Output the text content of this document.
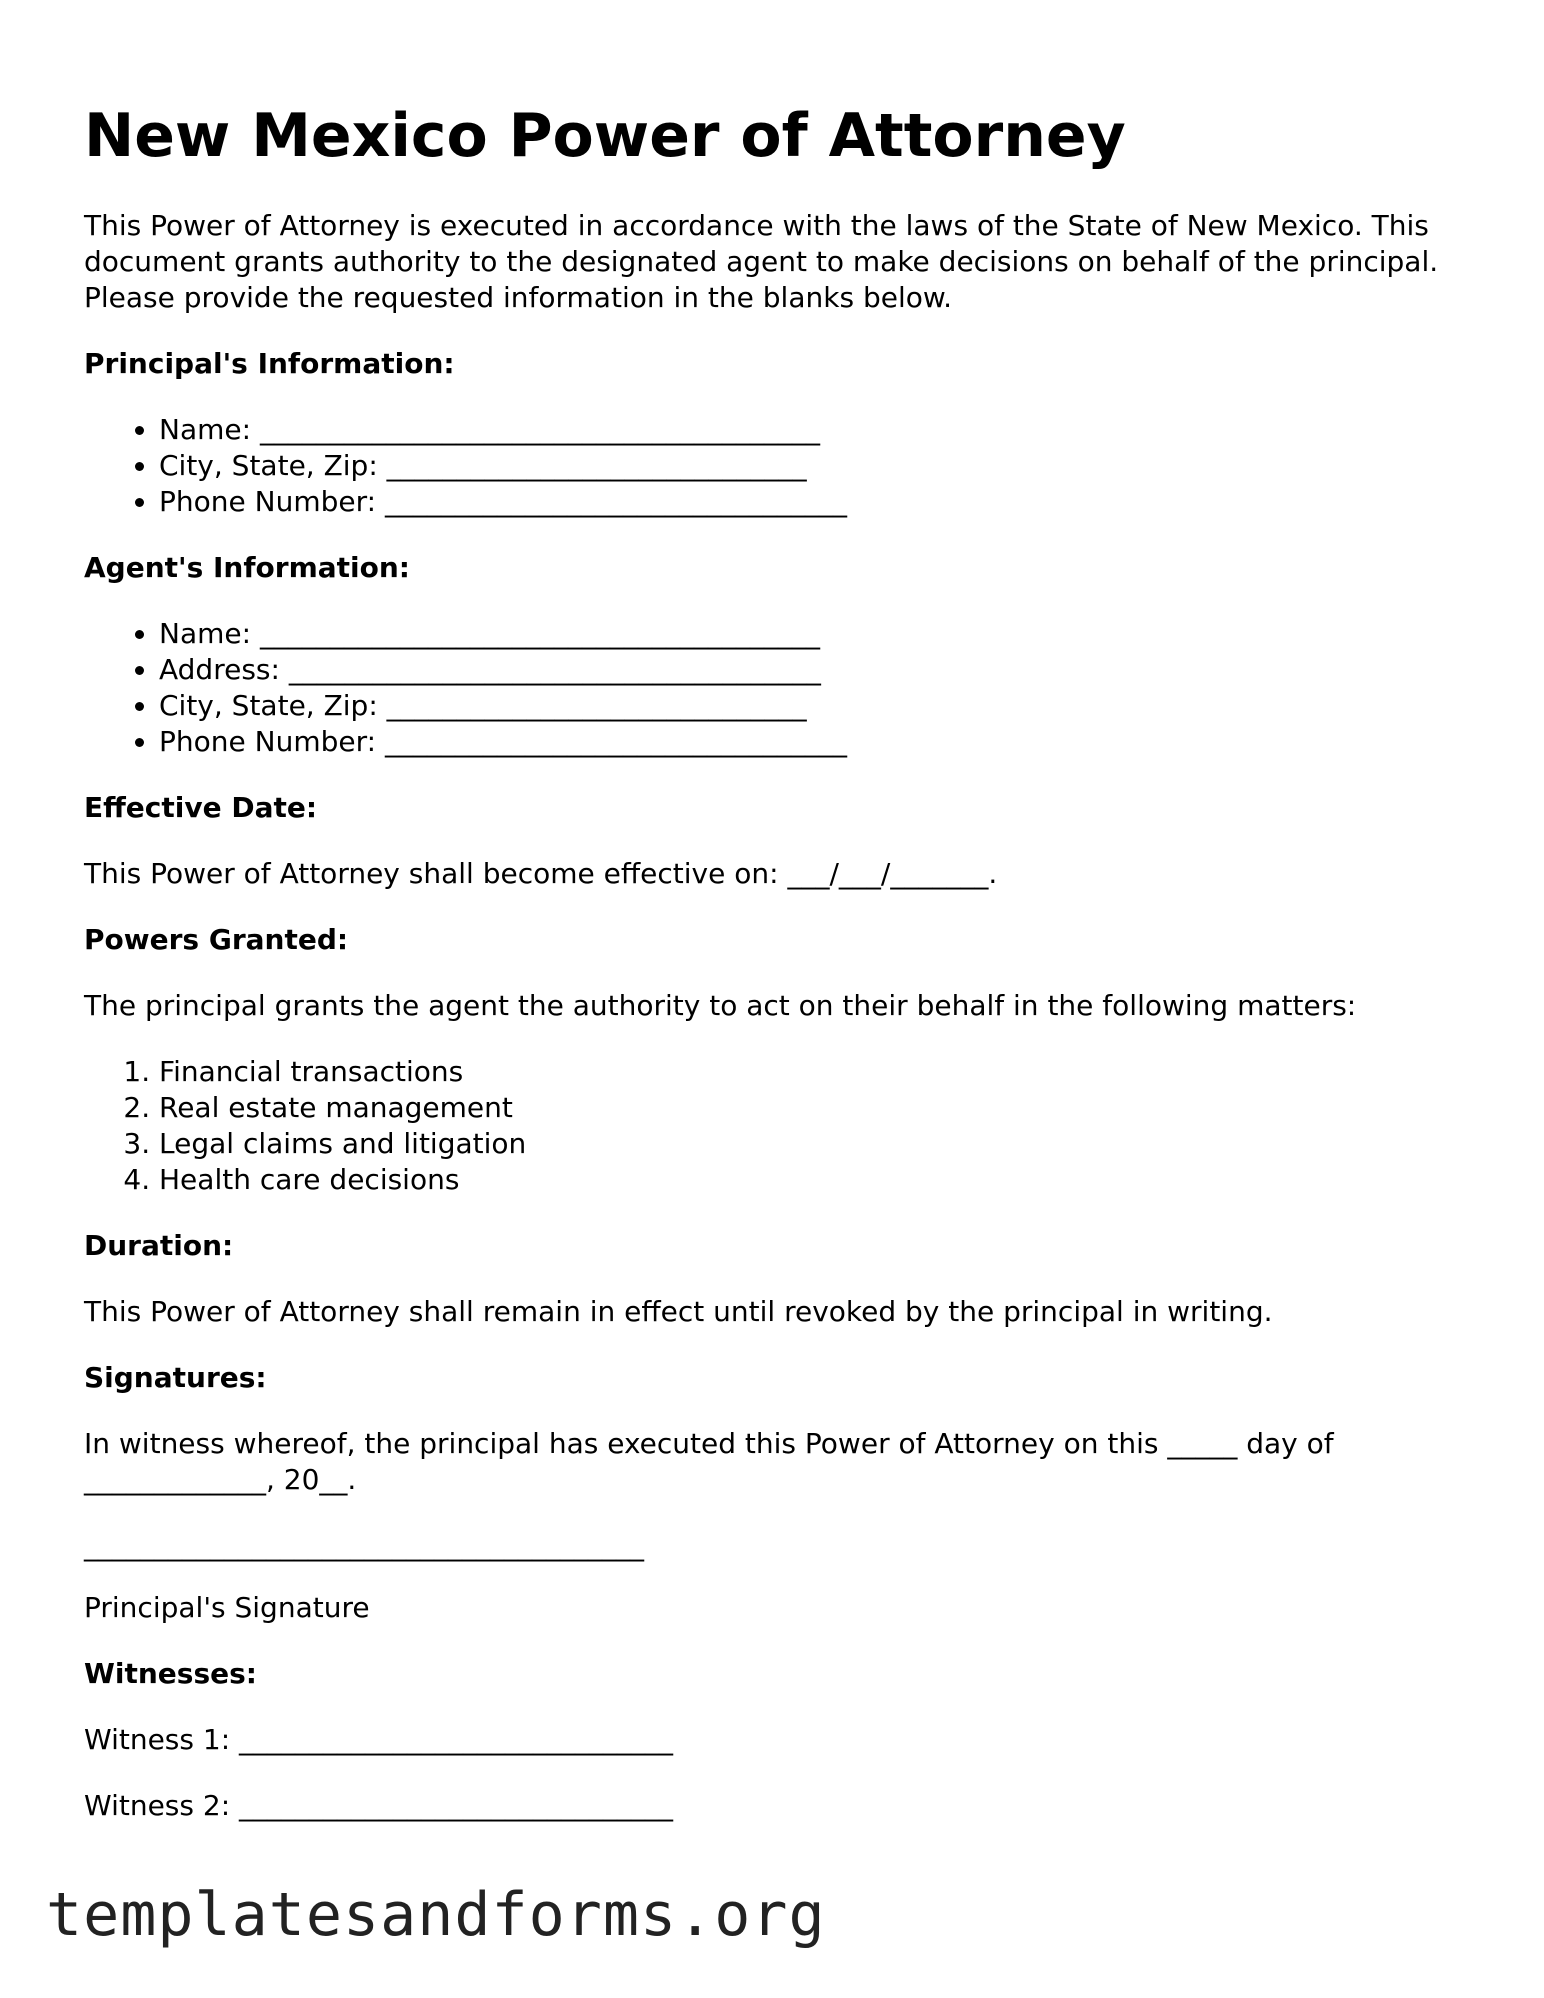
New Mexico Power of Attorney

This Power of Attorney is executed in accordance with the laws of the State of New Mexico. This document grants authority to the designated agent to make decisions on behalf of the principal. Please provide the requested information in the blanks below.

Principal's Information:
• Name: ________________________________________
• City, State, Zip: ______________________________
• Phone Number: _________________________________
Agent's Information:
• Name: ________________________________________
• Address: ______________________________________
• City, State, Zip: ______________________________
• Phone Number: _________________________________
Effective Date:

This Power of Attorney shall become effective on: ___/___/_______.

Powers Granted:

The principal grants the agent the authority to act on their behalf in the following matters:

1. Financial transactions
2. Real estate management
3. Legal claims and litigation
4. Health care decisions
Duration:

This Power of Attorney shall remain in effect until revoked by the principal in writing.

Signatures:

In witness whereof, the principal has executed this Power of Attorney on this _____ day of _____________, 20__.

________________________________________

Principal's Signature

Witnesses:

Witness 1: _______________________________

Witness 2: _______________________________

templatesandforms.org
